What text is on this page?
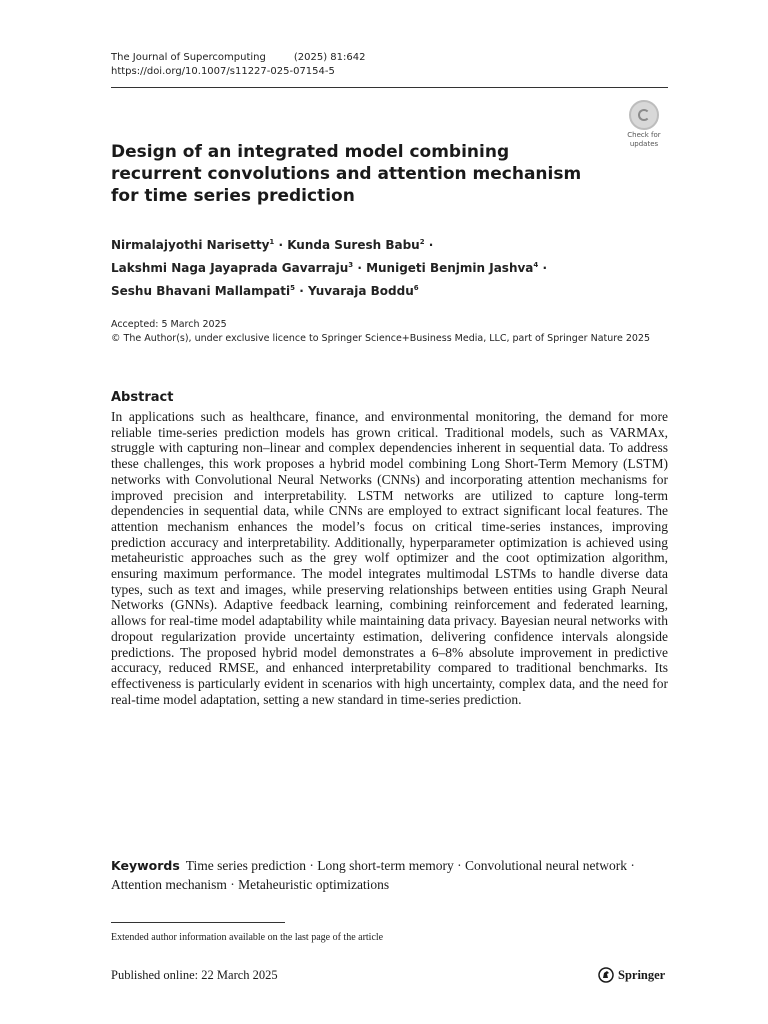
The Journal of Supercomputing	(2025) 81:642
https://doi.org/10.1007/s11227-025-07154-5
Check for
updates
Design of an integrated model combining recurrent convolutions and attention mechanism for time series prediction
Nirmalajyothi Narisetty$^1$ · Kunda Suresh Babu$^2$ ·
Lakshmi Naga Jayaprada Gavarraju$^3$ · Munigeti Benjmin Jashva$^4$ ·
Seshu Bhavani Mallampati$^5$ · Yuvaraja Boddu$^6$
Accepted: 5 March 2025
© The Author(s), under exclusive licence to Springer Science+Business Media, LLC, part of Springer Nature 2025
Abstract
In applications such as healthcare, finance, and environmental monitoring, the demand for more reliable time-series prediction models has grown critical. Traditional models, such as VARMAx, struggle with capturing non–linear and complex dependencies inherent in sequential data. To address these challenges, this work proposes a hybrid model combining Long Short-Term Memory (LSTM) networks with Convolutional Neural Networks (CNNs) and incorporating attention mechanisms for improved precision and interpretability. LSTM networks are utilized to capture long-term dependencies in sequential data, while CNNs are employed to extract significant local features. The attention mechanism enhances the model’s focus on critical time-series instances, improving prediction accuracy and interpretability. Additionally, hyperparameter optimization is achieved using metaheuristic approaches such as the grey wolf optimizer and the coot optimization algorithm, ensuring maximum performance. The model integrates multimodal LSTMs to handle diverse data types, such as text and images, while preserving relationships between entities using Graph Neural Networks (GNNs). Adaptive feedback learning, combining reinforcement and federated learning, allows for real-time model adaptability while maintaining data privacy. Bayesian neural networks with dropout regularization provide uncertainty estimation, delivering confidence intervals alongside predictions. The proposed hybrid model demonstrates a 6–8% absolute improvement in predictive accuracy, reduced RMSE, and enhanced interpretability compared to traditional benchmarks. Its effectiveness is particularly evident in scenarios with high uncertainty, complex data, and the need for real-time model adaptation, setting a new standard in time-series prediction.
Keywords Time series prediction · Long short-term memory · Convolutional neural network · Attention mechanism · Metaheuristic optimizations
Extended author information available on the last page of the article
Published online: 22 March 2025	Springer
